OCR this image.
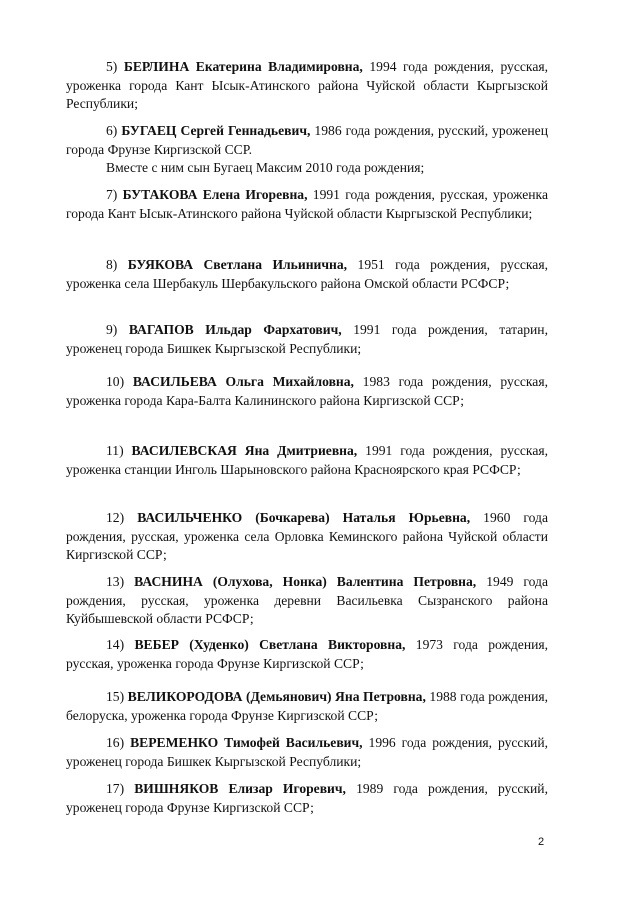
5) БЕРЛИНА Екатерина Владимировна, 1994 года рождения, русская, уроженка города Кант Ысык-Атинского района Чуйской области Кыргызской Республики;

6) БУГАЕЦ Сергей Геннадьевич, 1986 года рождения, русский, уроженец города Фрунзе Киргизской ССР.

Вместе с ним сын Бугаец Максим 2010 года рождения;

7) БУТАКОВА Елена Игоревна, 1991 года рождения, русская, уроженка города Кант Ысык-Атинского района Чуйской области Кыргызской Республики;

8) БУЯКОВА Светлана Ильинична, 1951 года рождения, русская, уроженка села Шербакуль Шербакульского района Омской области РСФСР;

9) ВАГАПОВ Ильдар Фархатович, 1991 года рождения, татарин, уроженец города Бишкек Кыргызской Республики;

10) ВАСИЛЬЕВА Ольга Михайловна, 1983 года рождения, русская, уроженка города Кара-Балта Калининского района Киргизской ССР;

11) ВАСИЛЕВСКАЯ Яна Дмитриевна, 1991 года рождения, русская, уроженка станции Инголь Шарыновского района Красноярского края РСФСР;

12) ВАСИЛЬЧЕНКО (Бочкарева) Наталья Юрьевна, 1960 года рождения, русская, уроженка села Орловка Кеминского района Чуйской области Киргизской ССР;

13) ВАСНИНА (Олухова, Нонка) Валентина Петровна, 1949 года рождения, русская, уроженка деревни Васильевка Сызранского района Куйбышевской области РСФСР;

14) ВЕБЕР (Худенко) Светлана Викторовна, 1973 года рождения, русская, уроженка города Фрунзе Киргизской ССР;

15) ВЕЛИКОРОДОВА (Демьянович) Яна Петровна, 1988 года рождения, белоруска, уроженка города Фрунзе Киргизской ССР;

16) ВЕРЕМЕНКО Тимофей Васильевич, 1996 года рождения, русский, уроженец города Бишкек Кыргызской Республики;

17) ВИШНЯКОВ Елизар Игоревич, 1989 года рождения, русский, уроженец города Фрунзе Киргизской ССР;

2
